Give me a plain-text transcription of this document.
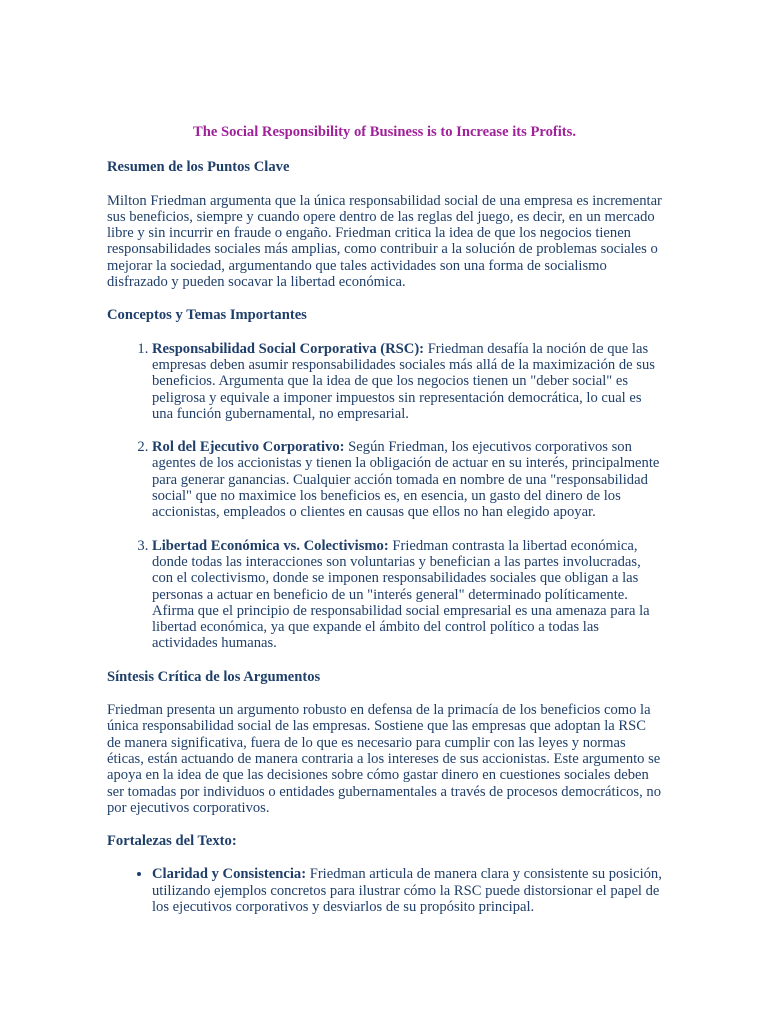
The Social Responsibility of Business is to Increase its Profits.
Resumen de los Puntos Clave

Milton Friedman argumenta que la única responsabilidad social de una empresa es incrementar sus beneficios, siempre y cuando opere dentro de las reglas del juego, es decir, en un mercado libre y sin incurrir en fraude o engaño. Friedman critica la idea de que los negocios tienen responsabilidades sociales más amplias, como contribuir a la solución de problemas sociales o mejorar la sociedad, argumentando que tales actividades son una forma de socialismo disfrazado y pueden socavar la libertad económica.

Conceptos y Temas Importantes
1. Responsabilidad Social Corporativa (RSC): Friedman desafía la noción de que las empresas deben asumir responsabilidades sociales más allá de la maximización de sus beneficios. Argumenta que la idea de que los negocios tienen un "deber social" es peligrosa y equivale a imponer impuestos sin representación democrática, lo cual es una función gubernamental, no empresarial.
2. Rol del Ejecutivo Corporativo: Según Friedman, los ejecutivos corporativos son agentes de los accionistas y tienen la obligación de actuar en su interés, principalmente para generar ganancias. Cualquier acción tomada en nombre de una "responsabilidad social" que no maximice los beneficios es, en esencia, un gasto del dinero de los accionistas, empleados o clientes en causas que ellos no han elegido apoyar.
3. Libertad Económica vs. Colectivismo: Friedman contrasta la libertad económica, donde todas las interacciones son voluntarias y benefician a las partes involucradas, con el colectivismo, donde se imponen responsabilidades sociales que obligan a las personas a actuar en beneficio de un "interés general" determinado políticamente. Afirma que el principio de responsabilidad social empresarial es una amenaza para la libertad económica, ya que expande el ámbito del control político a todas las actividades humanas.
Síntesis Crítica de los Argumentos

Friedman presenta un argumento robusto en defensa de la primacía de los beneficios como la única responsabilidad social de las empresas. Sostiene que las empresas que adoptan la RSC de manera significativa, fuera de lo que es necesario para cumplir con las leyes y normas éticas, están actuando de manera contraria a los intereses de sus accionistas. Este argumento se apoya en la idea de que las decisiones sobre cómo gastar dinero en cuestiones sociales deben ser tomadas por individuos o entidades gubernamentales a través de procesos democráticos, no por ejecutivos corporativos.

Fortalezas del Texto:
• Claridad y Consistencia: Friedman articula de manera clara y consistente su posición, utilizando ejemplos concretos para ilustrar cómo la RSC puede distorsionar el papel de los ejecutivos corporativos y desviarlos de su propósito principal.
